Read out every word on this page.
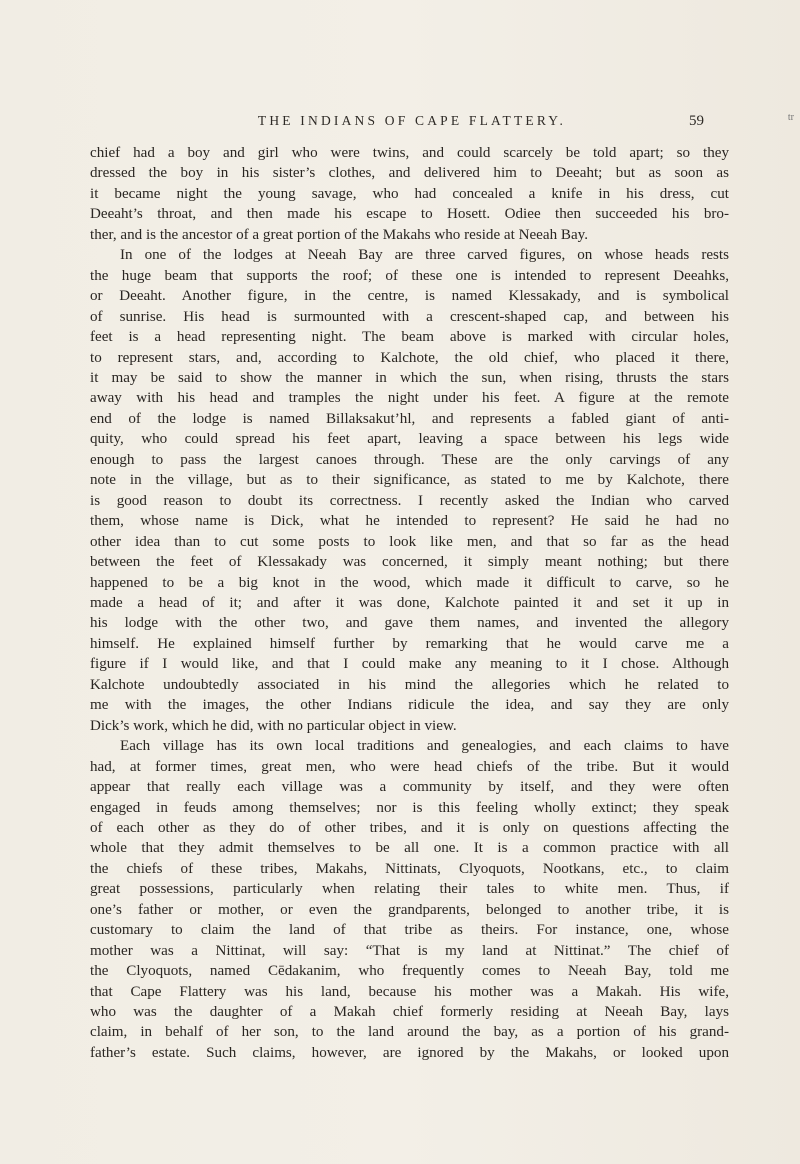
THE INDIANS OF CAPE FLATTERY.	59	tr
chief had a boy and girl who were twins, and could scarcely be told apart; so they
dressed the boy in his sister’s clothes, and delivered him to Deeaht; but as soon as
it became night the young savage, who had concealed a knife in his dress, cut
Deeaht’s throat, and then made his escape to Hosett. Odiee then succeeded his bro-
ther, and is the ancestor of a great portion of the Makahs who reside at Neeah Bay.
In one of the lodges at Neeah Bay are three carved figures, on whose heads rests
the huge beam that supports the roof; of these one is intended to represent Deeahks,
or Deeaht. Another figure, in the centre, is named Klessakady, and is symbolical
of sunrise. His head is surmounted with a crescent-shaped cap, and between his
feet is a head representing night. The beam above is marked with circular holes,
to represent stars, and, according to Kalchote, the old chief, who placed it there,
it may be said to show the manner in which the sun, when rising, thrusts the stars
away with his head and tramples the night under his feet. A figure at the remote
end of the lodge is named Billaksakut’hl, and represents a fabled giant of anti-
quity, who could spread his feet apart, leaving a space between his legs wide
enough to pass the largest canoes through. These are the only carvings of any
note in the village, but as to their significance, as stated to me by Kalchote, there
is good reason to doubt its correctness. I recently asked the Indian who carved
them, whose name is Dick, what he intended to represent? He said he had no
other idea than to cut some posts to look like men, and that so far as the head
between the feet of Klessakady was concerned, it simply meant nothing; but there
happened to be a big knot in the wood, which made it difficult to carve, so he
made a head of it; and after it was done, Kalchote painted it and set it up in
his lodge with the other two, and gave them names, and invented the allegory
himself. He explained himself further by remarking that he would carve me a
figure if I would like, and that I could make any meaning to it I chose. Although
Kalchote undoubtedly associated in his mind the allegories which he related to
me with the images, the other Indians ridicule the idea, and say they are only
Dick’s work, which he did, with no particular object in view.
Each village has its own local traditions and genealogies, and each claims to have
had, at former times, great men, who were head chiefs of the tribe. But it would
appear that really each village was a community by itself, and they were often
engaged in feuds among themselves; nor is this feeling wholly extinct; they speak
of each other as they do of other tribes, and it is only on questions affecting the
whole that they admit themselves to be all one. It is a common practice with all
the chiefs of these tribes, Makahs, Nittinats, Clyoquots, Nootkans, etc., to claim
great possessions, particularly when relating their tales to white men. Thus, if
one’s father or mother, or even the grandparents, belonged to another tribe, it is
customary to claim the land of that tribe as theirs. For instance, one, whose
mother was a Nittinat, will say: “That is my land at Nittinat.” The chief of
the Clyoquots, named Cēdakanim, who frequently comes to Neeah Bay, told me
that Cape Flattery was his land, because his mother was a Makah. His wife,
who was the daughter of a Makah chief formerly residing at Neeah Bay, lays
claim, in behalf of her son, to the land around the bay, as a portion of his grand-
father’s estate. Such claims, however, are ignored by the Makahs, or looked upon
